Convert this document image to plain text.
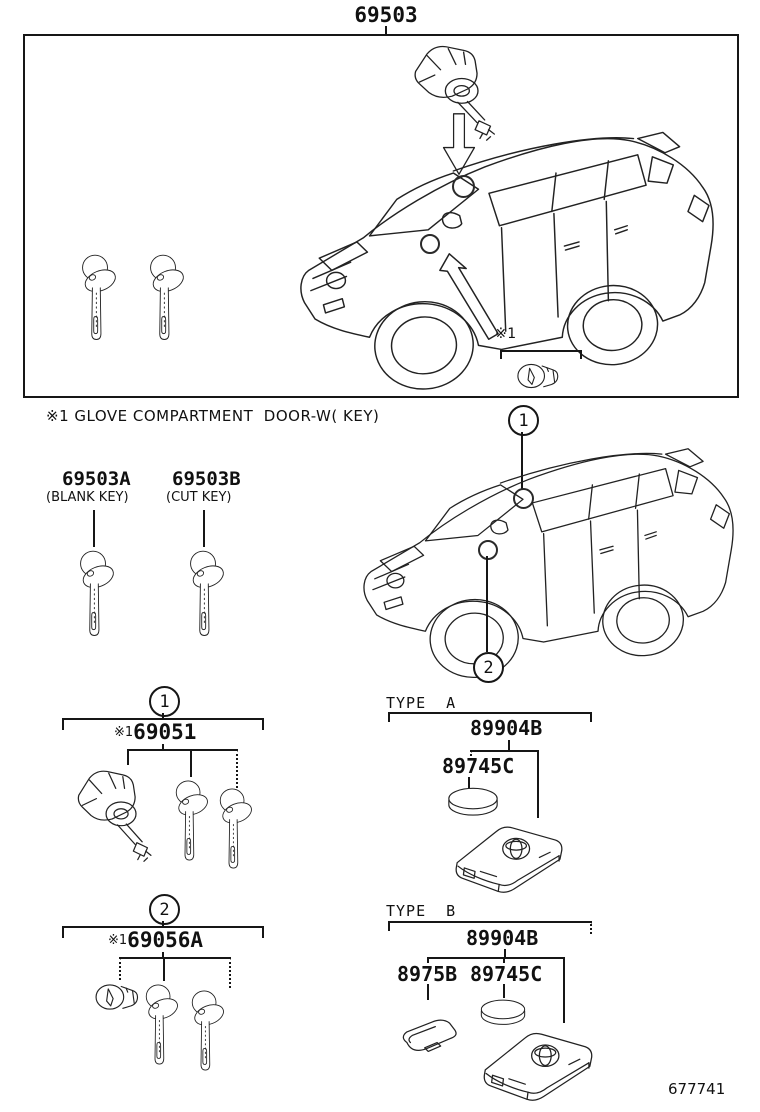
69503
※1
※1 GLOVE COMPARTMENT  DOOR-W( KEY)
69503A
(BLANK KEY)
69503B
(CUT KEY)
1
2
1
※1 69051
TYPE  A
89904B
89745C
2
※1 69056A
TYPE  B
89904B
8975B 89745C
677741
